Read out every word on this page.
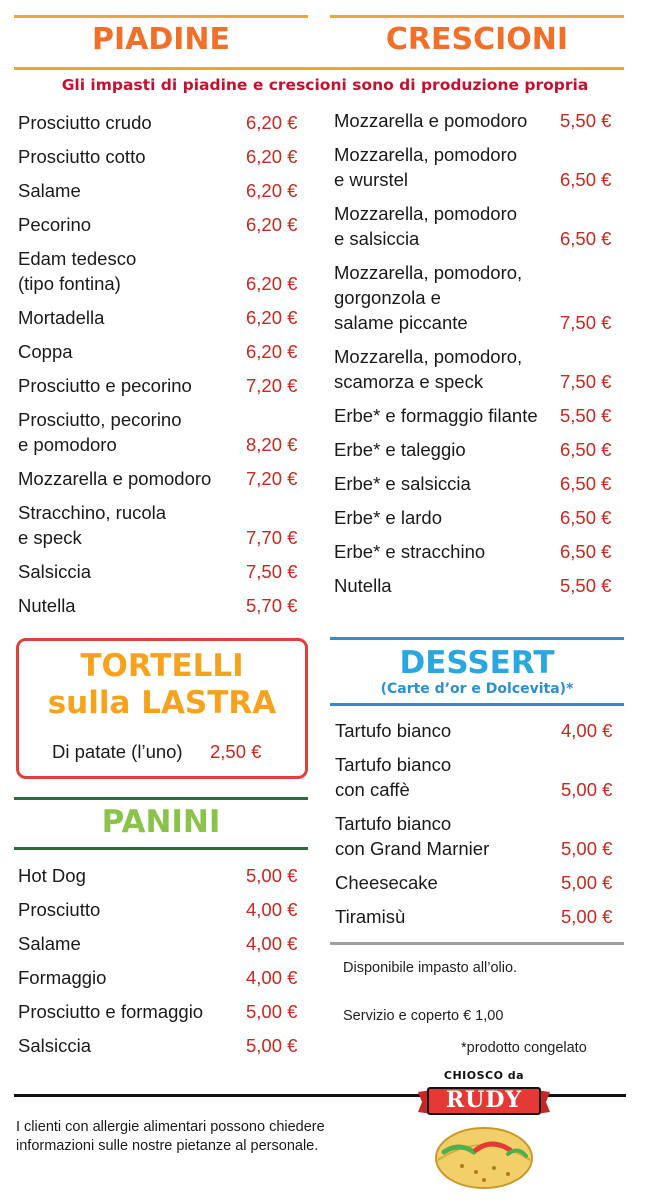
PIADINE	CRESCIONI
Gli impasti di piadine e crescioni sono di produzione propria
Prosciutto crudo	6,20 €
Prosciutto cotto	6,20 €
Salame	6,20 €
Pecorino	6,20 €
Edam tedesco
(tipo fontina)	6,20 €
Mortadella	6,20 €
Coppa	6,20 €
Prosciutto e pecorino	7,20 €
Prosciutto, pecorino
e pomodoro	8,20 €
Mozzarella e pomodoro 7,20 €
Stracchino, rucola
e speck	7,70 €
Salsiccia	7,50 €
Nutella	5,70 €
Mozzarella e pomodoro 5,50 €
Mozzarella, pomodoro
e wurstel	6,50 €
Mozzarella, pomodoro
e salsiccia	6,50 €
Mozzarella, pomodoro,
gorgonzola e
salame piccante	7,50 €
Mozzarella, pomodoro,
scamorza e speck	7,50 €
Erbe* e formaggio filante 5,50 €
Erbe* e taleggio	6,50 €
Erbe* e salsiccia	6,50 €
Erbe* e lardo	6,50 €
Erbe* e stracchino	6,50 €
Nutella	5,50 €
TORTELLI
sulla LASTRA
Di patate (l’uno) 2,50 €
PANINI
Hot Dog	5,00 €
Prosciutto	4,00 €
Salame	4,00 €
Formaggio	4,00 €
Prosciutto e formaggio 5,00 €
Salsiccia	5,00 €
DESSERT
(Carte d’or e Dolcevita)*
Tartufo bianco	4,00 €
Tartufo bianco
con caffè	5,00 €
Tartufo bianco
con Grand Marnier	5,00 €
Cheesecake	5,00 €
Tiramisù	5,00 €
Disponibile impasto all’olio.
Servizio e coperto € 1,00
*prodotto congelato
I clienti con allergie alimentari possono chiedere
informazioni sulle nostre pietanze al personale.
CHIOSCO da
RUDY
